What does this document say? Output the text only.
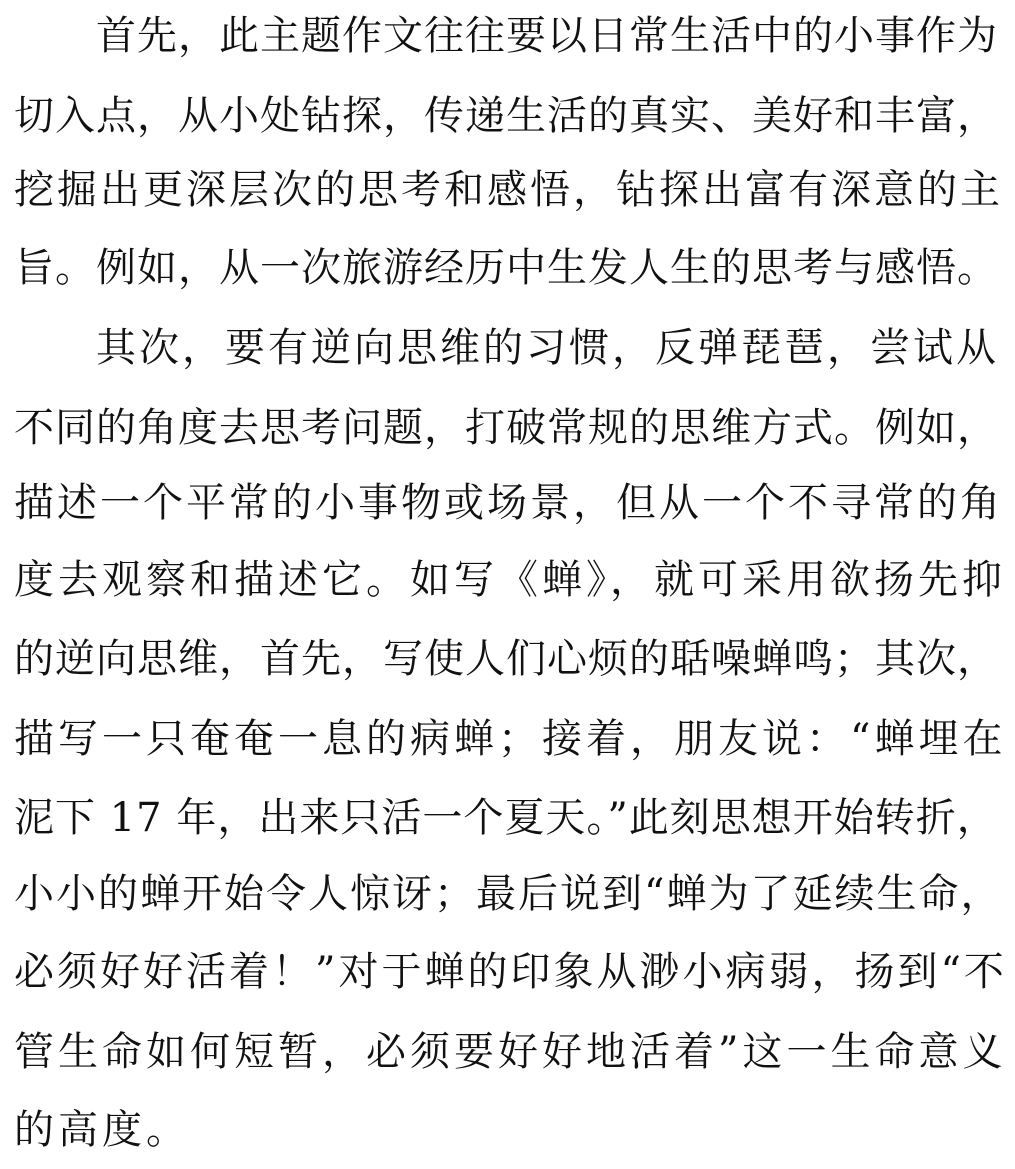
首先，此主题作文往往要以日常生活中的小事作为
切入点，从小处钻探，传递生活的真实、美好和丰富，
挖掘出更深层次的思考和感悟，钻探出富有深意的主
旨。例如，从一次旅游经历中生发人生的思考与感悟。
其次，要有逆向思维的习惯，反弹琵琶，尝试从
不同的角度去思考问题，打破常规的思维方式。例如，
描述一个平常的小事物或场景，但从一个不寻常的角
度去观察和描述它。如写《蝉》，就可采用欲扬先抑
的逆向思维，首先，写使人们心烦的聒噪蝉鸣；其次，
描写一只奄奄一息的病蝉；接着，朋友说：“蝉埋在
泥下 17 年，出来只活一个夏天。”此刻思想开始转折，
小小的蝉开始令人惊讶；最后说到“蝉为了延续生命，
必须好好活着！”对于蝉的印象从渺小病弱，扬到“不
管生命如何短暂，必须要好好地活着”这一生命意义
的高度。
